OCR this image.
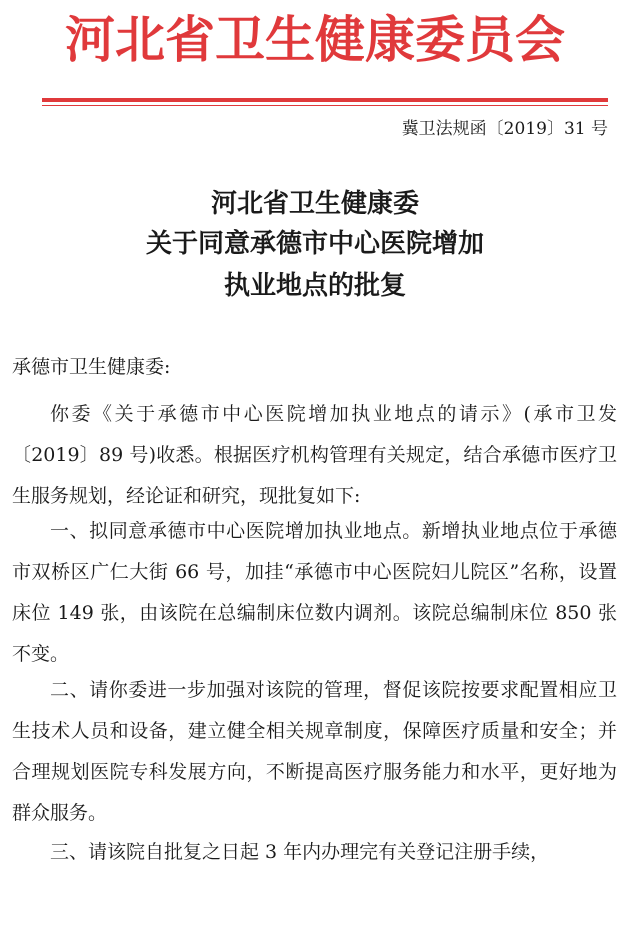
河北省卫生健康委员会
冀卫法规函〔2019〕31 号
河北省卫生健康委
关于同意承德市中心医院增加
执业地点的批复
承德市卫生健康委:
你委《关于承德市中心医院增加执业地点的请示》(承市卫发〔2019〕89 号)收悉。根据医疗机构管理有关规定，结合承德市医疗卫生服务规划，经论证和研究，现批复如下:
一、拟同意承德市中心医院增加执业地点。新增执业地点位于承德市双桥区广仁大街 66 号，加挂“承德市中心医院妇儿院区”名称，设置床位 149 张，由该院在总编制床位数内调剂。该院总编制床位 850 张不变。
二、请你委进一步加强对该院的管理，督促该院按要求配置相应卫生技术人员和设备，建立健全相关规章制度，保障医疗质量和安全；并合理规划医院专科发展方向，不断提高医疗服务能力和水平，更好地为群众服务。
三、请该院自批复之日起 3 年内办理完有关登记注册手续，
